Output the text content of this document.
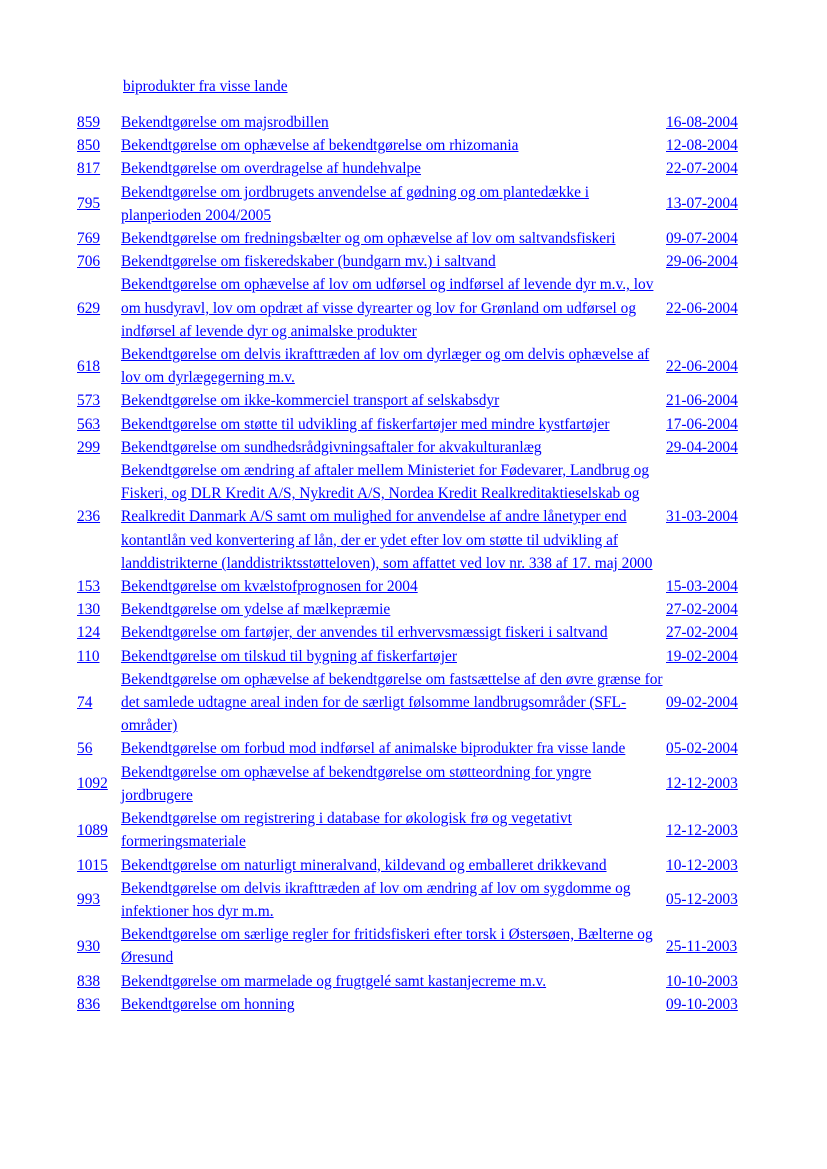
biprodukter fra visse lande
859	Bekendtgørelse om majsrodbillen	16-08-2004
850	Bekendtgørelse om ophævelse af bekendtgørelse om rhizomania	12-08-2004
817	Bekendtgørelse om overdragelse af hundehvalpe	22-07-2004
795	Bekendtgørelse om jordbrugets anvendelse af gødning og om plantedække i planperioden 2004/2005	13-07-2004
769	Bekendtgørelse om fredningsbælter og om ophævelse af lov om saltvandsfiskeri	09-07-2004
706	Bekendtgørelse om fiskeredskaber (bundgarn mv.) i saltvand	29-06-2004
629	Bekendtgørelse om ophævelse af lov om udførsel og indførsel af levende dyr m.v., lov om husdyravl, lov om opdræt af visse dyrearter og lov for Grønland om udførsel og indførsel af levende dyr og animalske produkter	22-06-2004
618	Bekendtgørelse om delvis ikrafttræden af lov om dyrlæger og om delvis ophævelse af lov om dyrlægegerning m.v.	22-06-2004
573	Bekendtgørelse om ikke-kommerciel transport af selskabsdyr	21-06-2004
563	Bekendtgørelse om støtte til udvikling af fiskerfartøjer med mindre kystfartøjer	17-06-2004
299	Bekendtgørelse om sundhedsrådgivningsaftaler for akvakulturanlæg	29-04-2004
236	Bekendtgørelse om ændring af aftaler mellem Ministeriet for Fødevarer, Landbrug og Fiskeri, og DLR Kredit A/S, Nykredit A/S, Nordea Kredit Realkreditaktieselskab og Realkredit Danmark A/S samt om mulighed for anvendelse af andre lånetyper end kontantlån ved konvertering af lån, der er ydet efter lov om støtte til udvikling af landdistrikterne (landdistriktsstøtteloven), som affattet ved lov nr. 338 af 17. maj 2000	31-03-2004
153	Bekendtgørelse om kvælstofprognosen for 2004	15-03-2004
130	Bekendtgørelse om ydelse af mælkepræmie	27-02-2004
124	Bekendtgørelse om fartøjer, der anvendes til erhvervsmæssigt fiskeri i saltvand	27-02-2004
110	Bekendtgørelse om tilskud til bygning af fiskerfartøjer	19-02-2004
74	Bekendtgørelse om ophævelse af bekendtgørelse om fastsættelse af den øvre grænse for det samlede udtagne areal inden for de særligt følsomme landbrugsområder (SFL-områder)	09-02-2004
56	Bekendtgørelse om forbud mod indførsel af animalske biprodukter fra visse lande	05-02-2004
1092	Bekendtgørelse om ophævelse af bekendtgørelse om støtteordning for yngre jordbrugere	12-12-2003
1089	Bekendtgørelse om registrering i database for økologisk frø og vegetativt formeringsmateriale	12-12-2003
1015	Bekendtgørelse om naturligt mineralvand, kildevand og emballeret drikkevand	10-12-2003
993	Bekendtgørelse om delvis ikrafttræden af lov om ændring af lov om sygdomme og infektioner hos dyr m.m.	05-12-2003
930	Bekendtgørelse om særlige regler for fritidsfiskeri efter torsk i Østersøen, Bælterne og Øresund	25-11-2003
838	Bekendtgørelse om marmelade og frugtgelé samt kastanjecreme m.v.	10-10-2003
836	Bekendtgørelse om honning	09-10-2003
